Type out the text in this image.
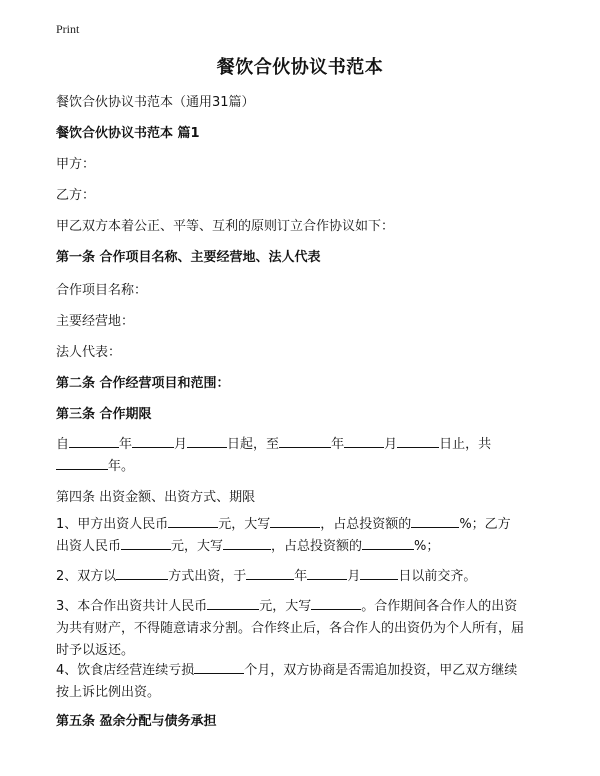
Print
餐饮合伙协议书范本
餐饮合伙协议书范本（通用31篇）
餐饮合伙协议书范本 篇1
甲方：
乙方：
甲乙双方本着公正、平等、互利的原则订立合作协议如下：
第一条 合作项目名称、主要经营地、法人代表
合作项目名称：
主要经营地：
法人代表：
第二条 合作经营项目和范围：
第三条 合作期限
自	年	月	日起，至	年	月	日止，共
年。
第四条 出资金额、出资方式、期限
1、甲方出资人民币	元，大写	，占总投资额的	%；乙方
出资人民币	元，大写	，占总投资额的	%；
2、双方以	方式出资，于	年	月	日以前交齐。
3、本合作出资共计人民币	元，大写	。合作期间各合作人的出资
为共有财产，不得随意请求分割。合作终止后，各合作人的出资仍为个人所有，届
时予以返还。
4、饮食店经营连续亏损	个月，双方协商是否需追加投资，甲乙双方继续
按上诉比例出资。
第五条 盈余分配与债务承担
